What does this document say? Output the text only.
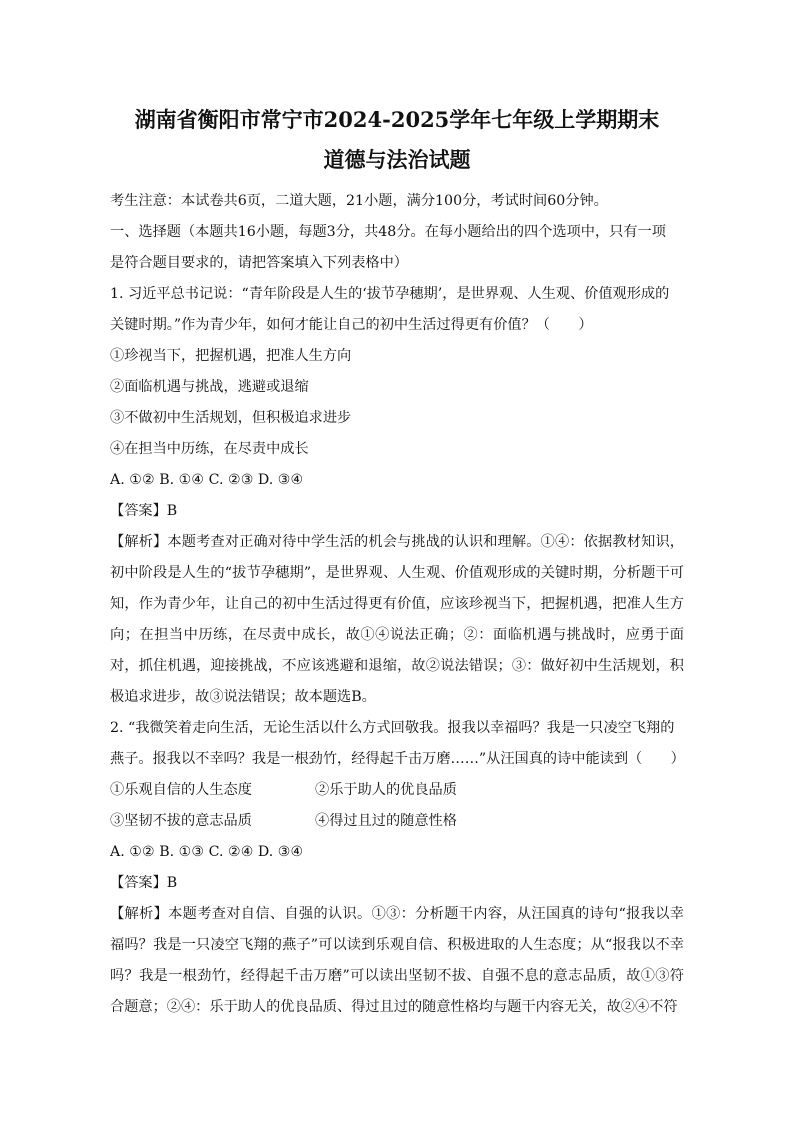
湖南省衡阳市常宁市2024-2025学年七年级上学期期末
道德与法治试题

考生注意：本试卷共6页，二道大题，21小题，满分100分，考试时间60分钟。

一、选择题（本题共16小题，每题3分，共48分。在每小题给出的四个选项中，只有一项

是符合题目要求的，请把答案填入下列表格中）

1. 习近平总书记说：“青年阶段是人生的‘拔节孕穗期’，是世界观、人生观、价值观形成的

关键时期。”作为青少年，如何才能让自己的初中生活过得更有价值？（　　）

①珍视当下，把握机遇，把准人生方向

②面临机遇与挑战，逃避或退缩

③不做初中生活规划，但积极追求进步

④在担当中历练，在尽责中成长

A. ①② B. ①④ C. ②③ D. ③④

【答案】B

【解析】本题考查对正确对待中学生活的机会与挑战的认识和理解。①④：依据教材知识，初中阶段是人生的“拔节孕穗期”，是世界观、人生观、价值观形成的关键时期，分析题干可知，作为青少年，让自己的初中生活过得更有价值，应该珍视当下，把握机遇，把准人生方向；在担当中历练，在尽责中成长，故①④说法正确；②：面临机遇与挑战时，应勇于面对，抓住机遇，迎接挑战，不应该逃避和退缩，故②说法错误；③：做好初中生活规划，积极追求进步，故③说法错误；故本题选B。

2. “我微笑着走向生活，无论生活以什么方式回敬我。报我以幸福吗？我是一只凌空飞翔的

燕子。报我以不幸吗？我是一根劲竹，经得起千击万磨……”从汪国真的诗中能读到（　　）

①乐观自信的人生态度	②乐于助人的优良品质

③坚韧不拔的意志品质	④得过且过的随意性格

A. ①② B. ①③ C. ②④ D. ③④

【答案】B

【解析】本题考查对自信、自强的认识。①③：分析题干内容，从汪国真的诗句“报我以幸福吗？我是一只凌空飞翔的燕子”可以读到乐观自信、积极进取的人生态度；从“报我以不幸吗？我是一根劲竹，经得起千击万磨”可以读出坚韧不拔、自强不息的意志品质，故①③符合题意；②④：乐于助人的优良品质、得过且过的随意性格均与题干内容无关，故②④不符
